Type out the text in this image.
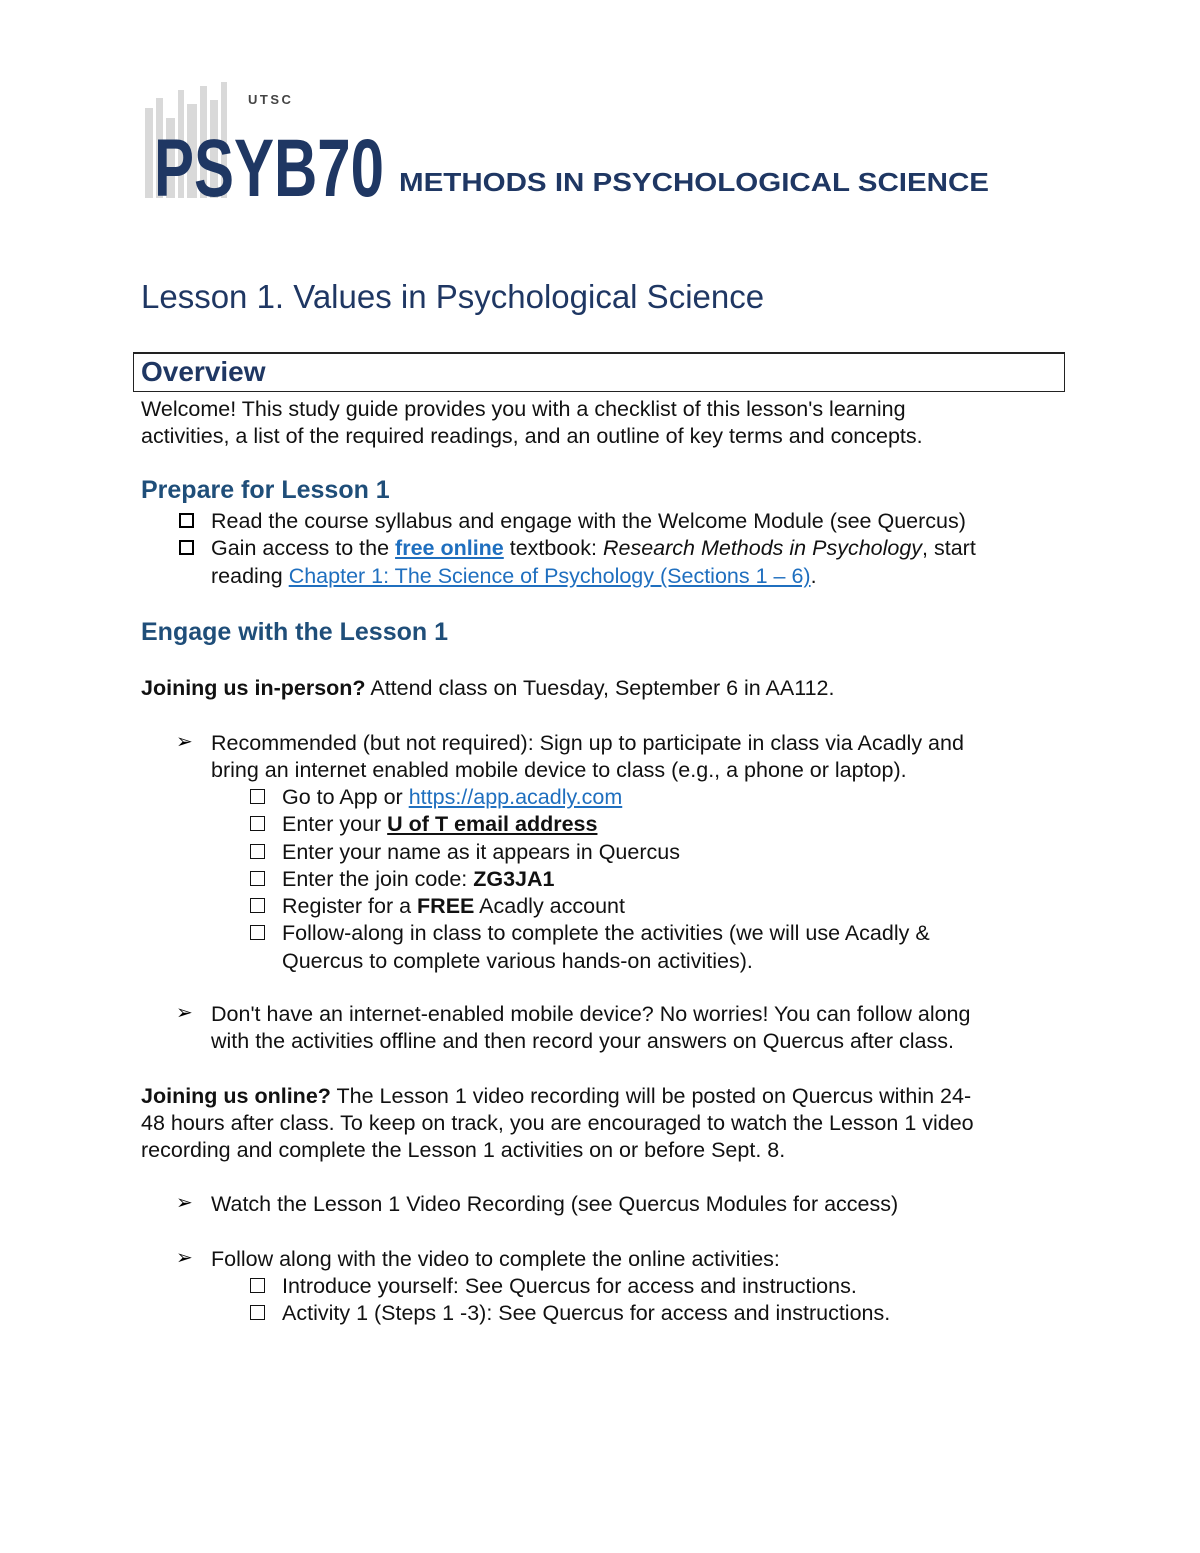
UTSC
PSYB70 METHODS IN PSYCHOLOGICAL SCIENCE
Lesson 1. Values in Psychological Science
Overview
Welcome! This study guide provides you with a checklist of this lesson's learning
activities, a list of the required readings, and an outline of key terms and concepts.
Prepare for Lesson 1
Read the course syllabus and engage with the Welcome Module (see Quercus)
Gain access to the free online textbook: Research Methods in Psychology, start
reading Chapter 1: The Science of Psychology (Sections 1 – 6).
Engage with the Lesson 1
Joining us in-person? Attend class on Tuesday, September 6 in AA112.
➢ Recommended (but not required): Sign up to participate in class via Acadly and
bring an internet enabled mobile device to class (e.g., a phone or laptop).
Go to App or https://app.acadly.com
Enter your U of T email address
Enter your name as it appears in Quercus
Enter the join code: ZG3JA1
Register for a FREE Acadly account
Follow-along in class to complete the activities (we will use Acadly &
Quercus to complete various hands-on activities).
➢ Don't have an internet-enabled mobile device? No worries! You can follow along
with the activities offline and then record your answers on Quercus after class.
Joining us online? The Lesson 1 video recording will be posted on Quercus within 24-
48 hours after class. To keep on track, you are encouraged to watch the Lesson 1 video
recording and complete the Lesson 1 activities on or before Sept. 8.
➢ Watch the Lesson 1 Video Recording (see Quercus Modules for access)
➢ Follow along with the video to complete the online activities:
Introduce yourself: See Quercus for access and instructions.
Activity 1 (Steps 1 -3): See Quercus for access and instructions.
